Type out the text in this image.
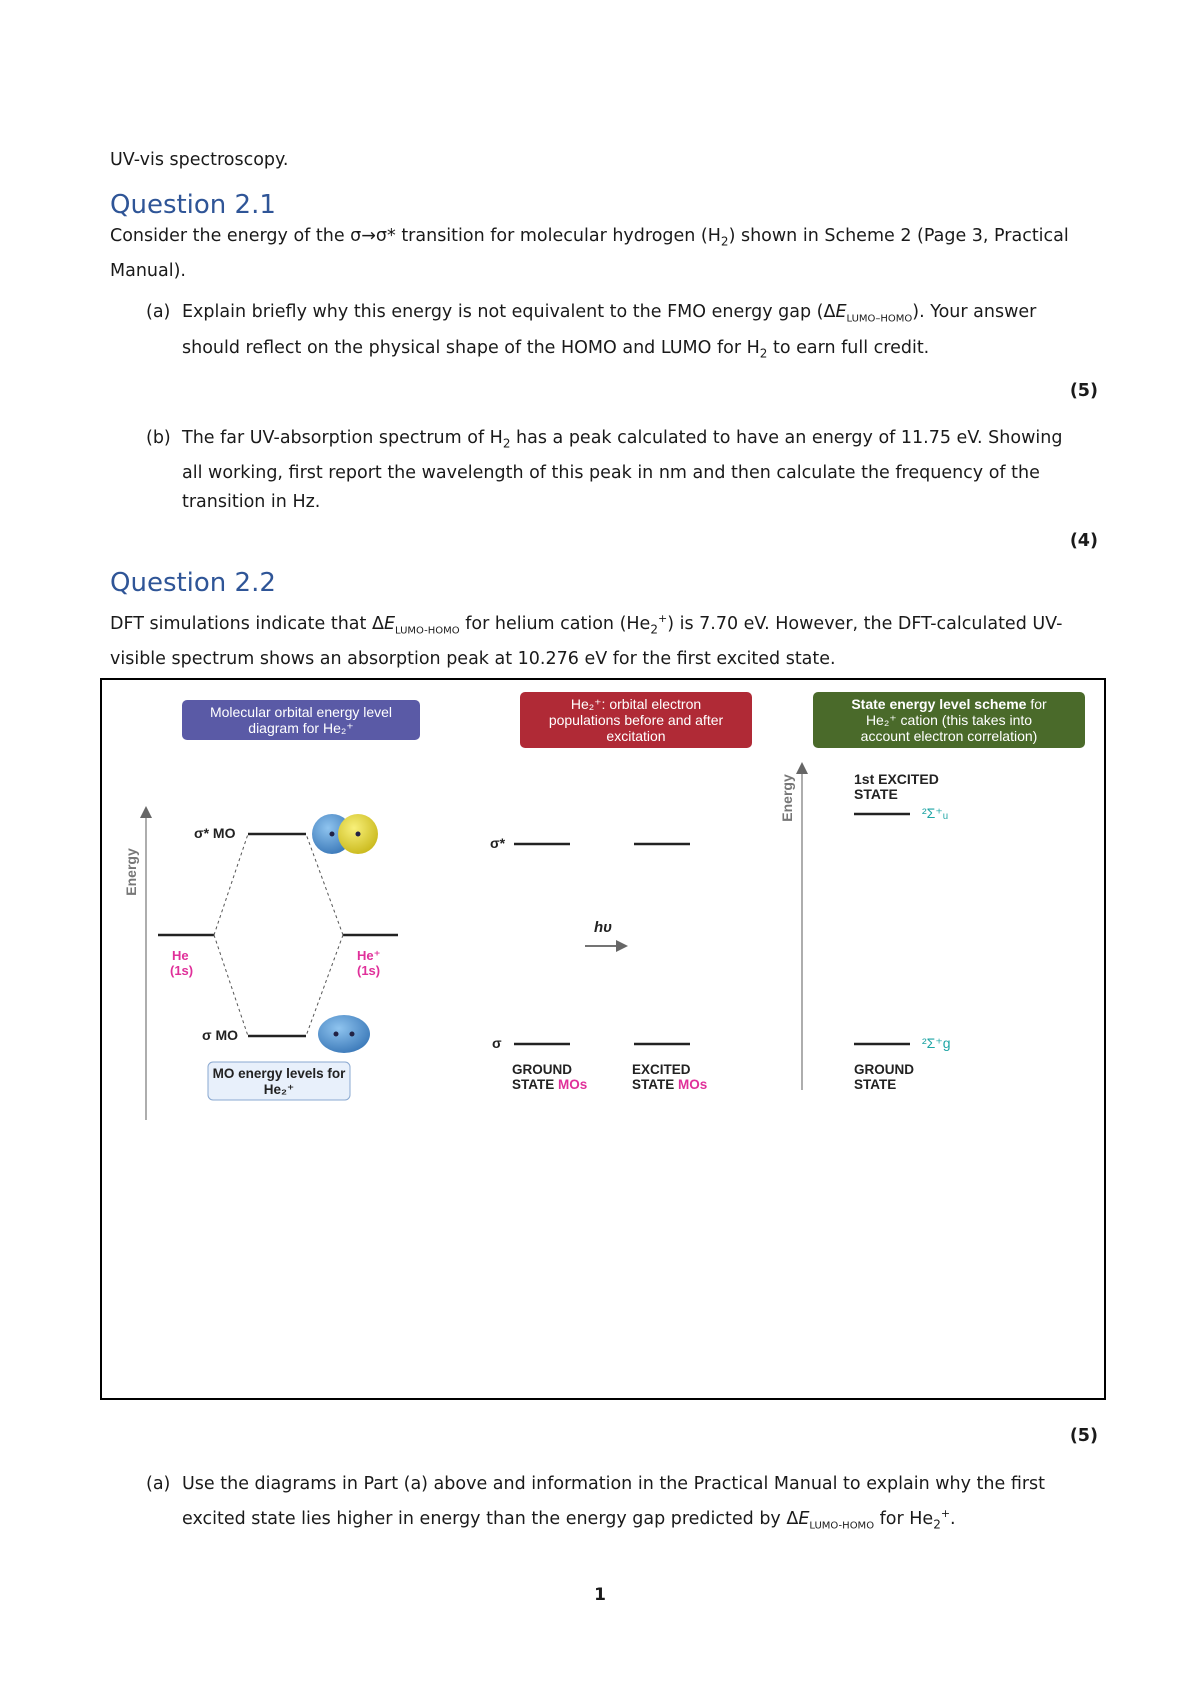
UV-vis spectroscopy.
Question 2.1
Consider the energy of the σ→σ* transition for molecular hydrogen $(H_2)$ shown in Scheme 2 (Page 3, Practical
Manual).
(a) Explain briefly why this energy is not equivalent to the FMO energy gap $(\Delta E_{LUMO-HOMO})$. Your answer
should reflect on the physical shape of the HOMO and LUMO for $H_2$ to earn full credit.
(5)
(b) The far UV-absorption spectrum of $H_2$ has a peak calculated to have an energy of 11.75 eV. Showing
all working, first report the wavelength of this peak in nm and then calculate the frequency of the
transition in Hz.
(4)
Question 2.2
DFT simulations indicate that $\Delta E_{LUMO-HOMO}$ for helium cation $(He_2^+)$ is 7.70 eV. However, the DFT-calculated UV-
visible spectrum shows an absorption peak at 10.276 eV for the first excited state.
Molecular orbital energy level
diagram for He₂⁺
He₂⁺: orbital electron
populations before and after
excitation
State energy level scheme for
He₂⁺ cation (this takes into
account electron correlation)
Energy
σ* MO
σ MO
He
(1s)
He⁺
(1s)
MO energy levels for
He₂⁺
σ*
σ
hυ
GROUND
STATE MOs
EXCITED
STATE MOs
Energy	1st EXCITED
STATE
²Σ⁺ᵤ
²Σ⁺g
GROUND
STATE
(5)
(a) Use the diagrams in Part (a) above and information in the Practical Manual to explain why the first
excited state lies higher in energy than the energy gap predicted by $\Delta E_{LUMO-HOMO}$ for $He_2^+$.
1
